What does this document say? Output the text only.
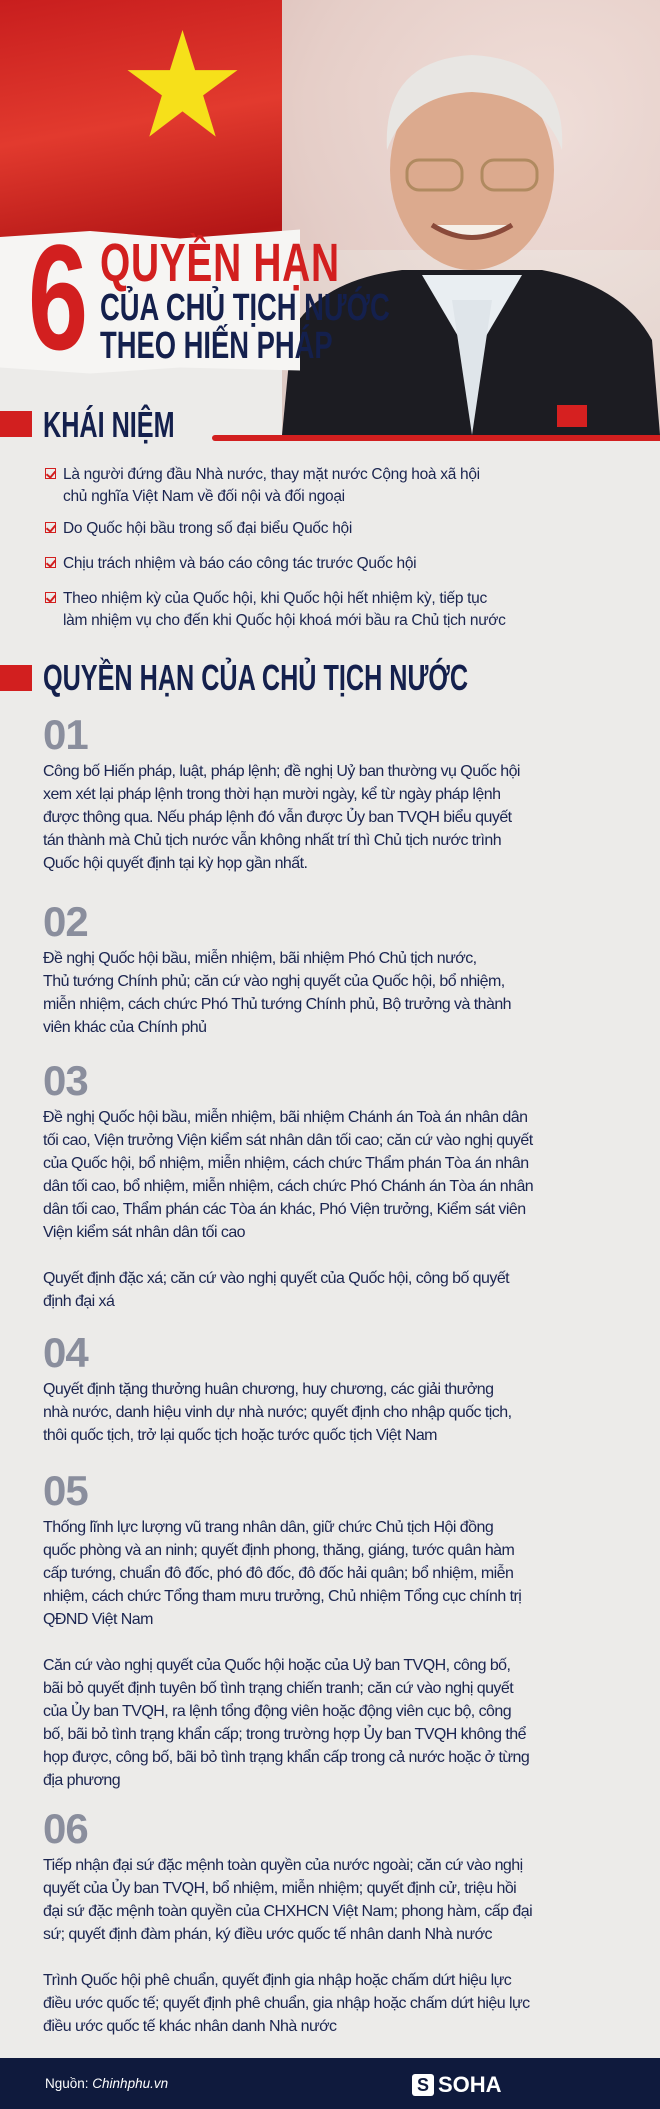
6 QUYỀN HẠN
CỦA CHỦ TỊCH NƯỚC
THEO HIẾN PHÁP
KHÁI NIỆM
Là người đứng đầu Nhà nước, thay mặt nước Cộng hoà xã hội
chủ nghĩa Việt Nam về đối nội và đối ngoại
Do Quốc hội bầu trong số đại biểu Quốc hội
Chịu trách nhiệm và báo cáo công tác trước Quốc hội
Theo nhiệm kỳ của Quốc hội, khi Quốc hội hết nhiệm kỳ, tiếp tục
làm nhiệm vụ cho đến khi Quốc hội khoá mới bầu ra Chủ tịch nước
QUYỀN HẠN CỦA CHỦ TỊCH NƯỚC
01
Công bố Hiến pháp, luật, pháp lệnh; đề nghị Uỷ ban thường vụ Quốc hội
xem xét lại pháp lệnh trong thời hạn mười ngày, kể từ ngày pháp lệnh
được thông qua. Nếu pháp lệnh đó vẫn được Ủy ban TVQH biểu quyết
tán thành mà Chủ tịch nước vẫn không nhất trí thì Chủ tịch nước trình
Quốc hội quyết định tại kỳ họp gần nhất.
02
Đề nghị Quốc hội bầu, miễn nhiệm, bãi nhiệm Phó Chủ tịch nước,
Thủ tướng Chính phủ; căn cứ vào nghị quyết của Quốc hội, bổ nhiệm,
miễn nhiệm, cách chức Phó Thủ tướng Chính phủ, Bộ trưởng và thành
viên khác của Chính phủ
03
Đề nghị Quốc hội bầu, miễn nhiệm, bãi nhiệm Chánh án Toà án nhân dân
tối cao, Viện trưởng Viện kiểm sát nhân dân tối cao; căn cứ vào nghị quyết
của Quốc hội, bổ nhiệm, miễn nhiệm, cách chức Thẩm phán Tòa án nhân
dân tối cao, bổ nhiệm, miễn nhiệm, cách chức Phó Chánh án Tòa án nhân
dân tối cao, Thẩm phán các Tòa án khác, Phó Viện trưởng, Kiểm sát viên
Viện kiểm sát nhân dân tối cao
Quyết định đặc xá; căn cứ vào nghị quyết của Quốc hội, công bố quyết
định đại xá
04
Quyết định tặng thưởng huân chương, huy chương, các giải thưởng
nhà nước, danh hiệu vinh dự nhà nước; quyết định cho nhập quốc tịch,
thôi quốc tịch, trở lại quốc tịch hoặc tước quốc tịch Việt Nam
05
Thống lĩnh lực lượng vũ trang nhân dân, giữ chức Chủ tịch Hội đồng
quốc phòng và an ninh; quyết định phong, thăng, giáng, tước quân hàm
cấp tướng, chuẩn đô đốc, phó đô đốc, đô đốc hải quân; bổ nhiệm, miễn
nhiệm, cách chức Tổng tham mưu trưởng, Chủ nhiệm Tổng cục chính trị
QĐND Việt Nam
Căn cứ vào nghị quyết của Quốc hội hoặc của Uỷ ban TVQH, công bố,
bãi bỏ quyết định tuyên bố tình trạng chiến tranh; căn cứ vào nghị quyết
của Ủy ban TVQH, ra lệnh tổng động viên hoặc động viên cục bộ, công
bố, bãi bỏ tình trạng khẩn cấp; trong trường hợp Ủy ban TVQH không thể
họp được, công bố, bãi bỏ tình trạng khẩn cấp trong cả nước hoặc ở từng
địa phương
06
Tiếp nhận đại sứ đặc mệnh toàn quyền của nước ngoài; căn cứ vào nghị
quyết của Ủy ban TVQH, bổ nhiệm, miễn nhiệm; quyết định cử, triệu hồi
đại sứ đặc mệnh toàn quyền của CHXHCN Việt Nam; phong hàm, cấp đại
sứ; quyết định đàm phán, ký điều ước quốc tế nhân danh Nhà nước
Trình Quốc hội phê chuẩn, quyết định gia nhập hoặc chấm dứt hiệu lực
điều ước quốc tế; quyết định phê chuẩn, gia nhập hoặc chấm dứt hiệu lực
điều ước quốc tế khác nhân danh Nhà nước
Nguồn: Chinhphu.vn	S SOHA
